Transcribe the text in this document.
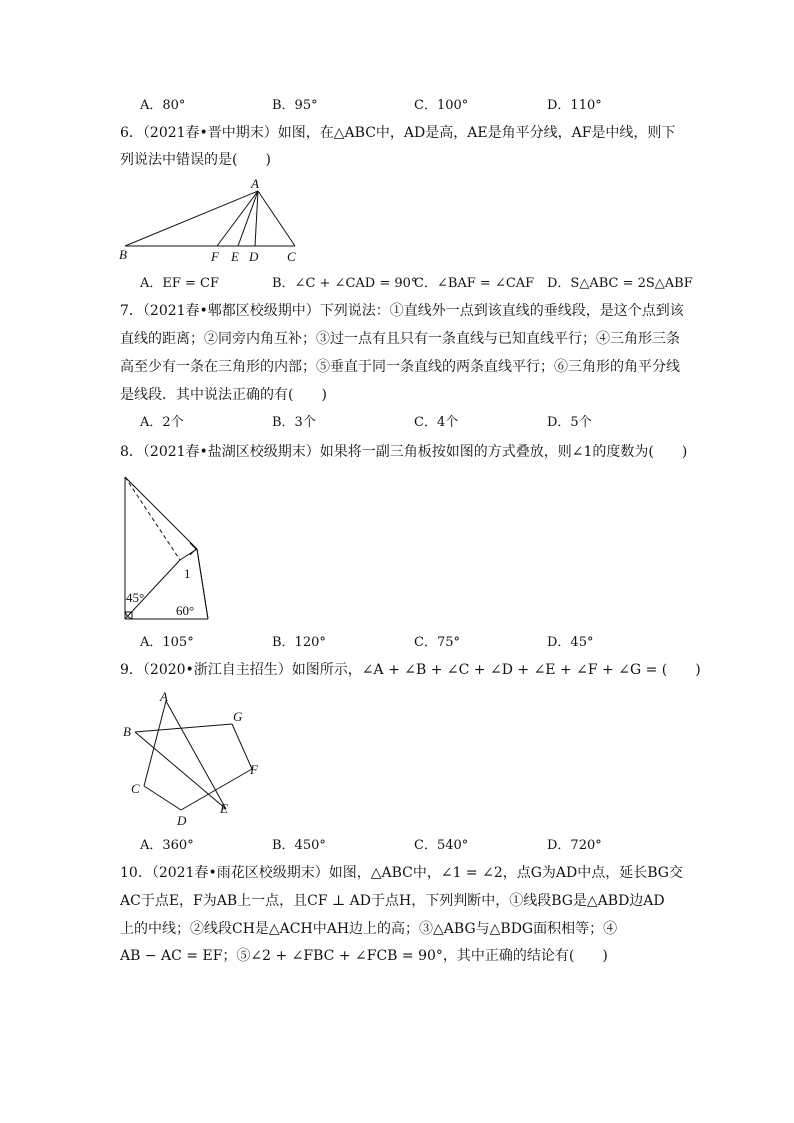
A．80°	B．95°	C．100°	D．110°
6．（2021春•晋中期末）如图，在△ABC中，AD是高，AE是角平分线，AF是中线，则下
列说法中错误的是(　　)
A
B	F E D C
A．EF = CF	B．∠C + ∠CAD = 90°
C．∠BAF = ∠CAF D．S△ABC = 2S△ABF
7．（2021春•郫都区校级期中）下列说法：①直线外一点到该直线的垂线段，是这个点到该
直线的距离；②同旁内角互补；③过一点有且只有一条直线与已知直线平行；④三角形三条
高至少有一条在三角形的内部；⑤垂直于同一条直线的两条直线平行；⑥三角形的角平分线
是线段．其中说法正确的有(　　)
A．2个	B．3个	C．4个	D．5个
8．（2021春•盐湖区校级期末）如果将一副三角板按如图的方式叠放，则∠1的度数为(　　)
1
45°
60°
A．105°	B．120°	C．75°	D．45°
9．（2020•浙江自主招生）如图所示，∠A + ∠B + ∠C + ∠D + ∠E + ∠F + ∠G = (　　)
A
B
C
D
E
F
G
A．360°	B．450°	C．540°	D．720°
10．（2021春•雨花区校级期末）如图，△ABC中，∠1 = ∠2，点G为AD中点，延长BG交
AC于点E，F为AB上一点，且CF ⊥ AD于点H，下列判断中，①线段BG是△ABD边AD
上的中线；②线段CH是△ACH中AH边上的高；③△ABG与△BDG面积相等；④
AB − AC = EF；⑤∠2 + ∠FBC + ∠FCB = 90°，其中正确的结论有(　　)
